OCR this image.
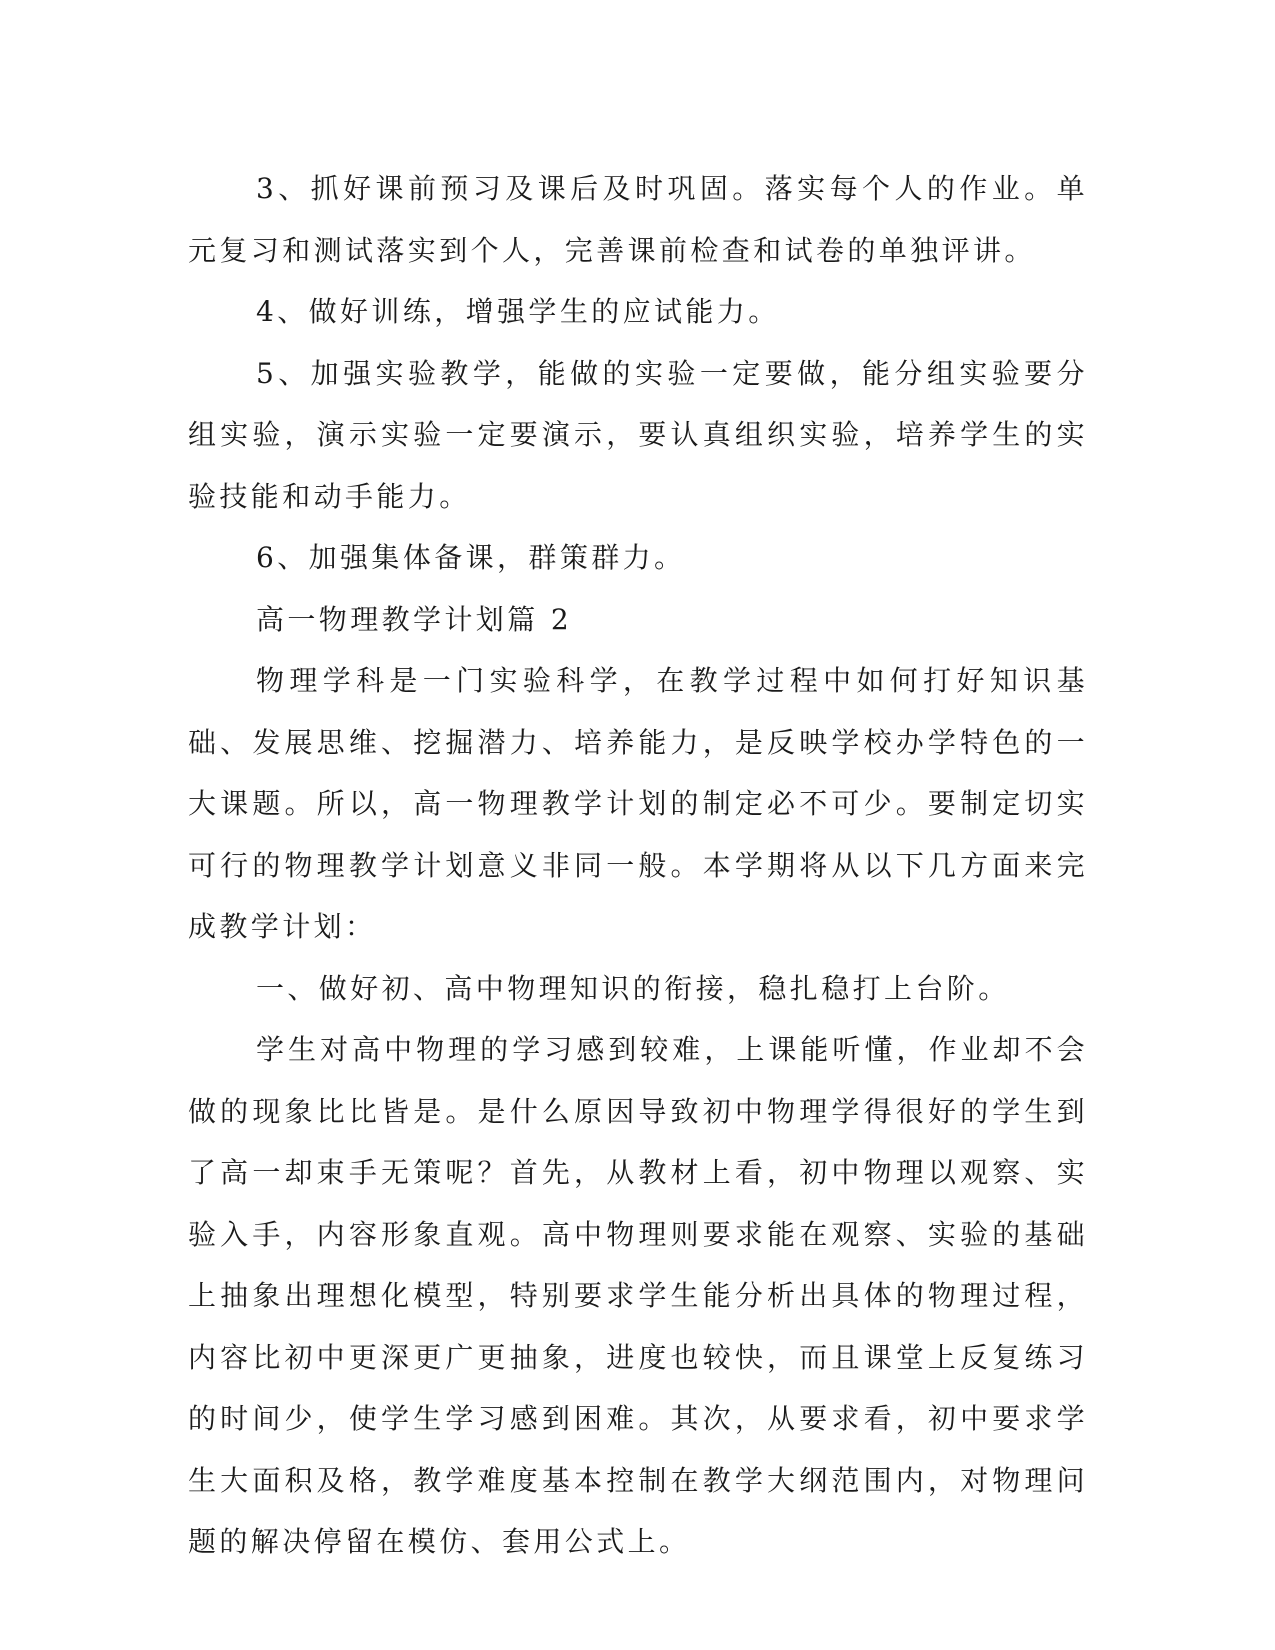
3、抓好课前预习及课后及时巩固。落实每个人的作业。单元复习和测试落实到个人，完善课前检查和试卷的单独评讲。

4、做好训练，增强学生的应试能力。

5、加强实验教学，能做的实验一定要做，能分组实验要分组实验，演示实验一定要演示，要认真组织实验，培养学生的实验技能和动手能力。

6、加强集体备课，群策群力。

高一物理教学计划篇 2

物理学科是一门实验科学，在教学过程中如何打好知识基础、发展思维、挖掘潜力、培养能力，是反映学校办学特色的一大课题。所以，高一物理教学计划的制定必不可少。要制定切实可行的物理教学计划意义非同一般。本学期将从以下几方面来完成教学计划：

一、做好初、高中物理知识的衔接，稳扎稳打上台阶。

学生对高中物理的学习感到较难，上课能听懂，作业却不会做的现象比比皆是。是什么原因导致初中物理学得很好的学生到了高一却束手无策呢？首先，从教材上看，初中物理以观察、实验入手，内容形象直观。高中物理则要求能在观察、实验的基础上抽象出理想化模型，特别要求学生能分析出具体的物理过程，内容比初中更深更广更抽象，进度也较快，而且课堂上反复练习的时间少，使学生学习感到困难。其次，从要求看，初中要求学生大面积及格，教学难度基本控制在教学大纲范围内，对物理问题的解决停留在模仿、套用公式上。
